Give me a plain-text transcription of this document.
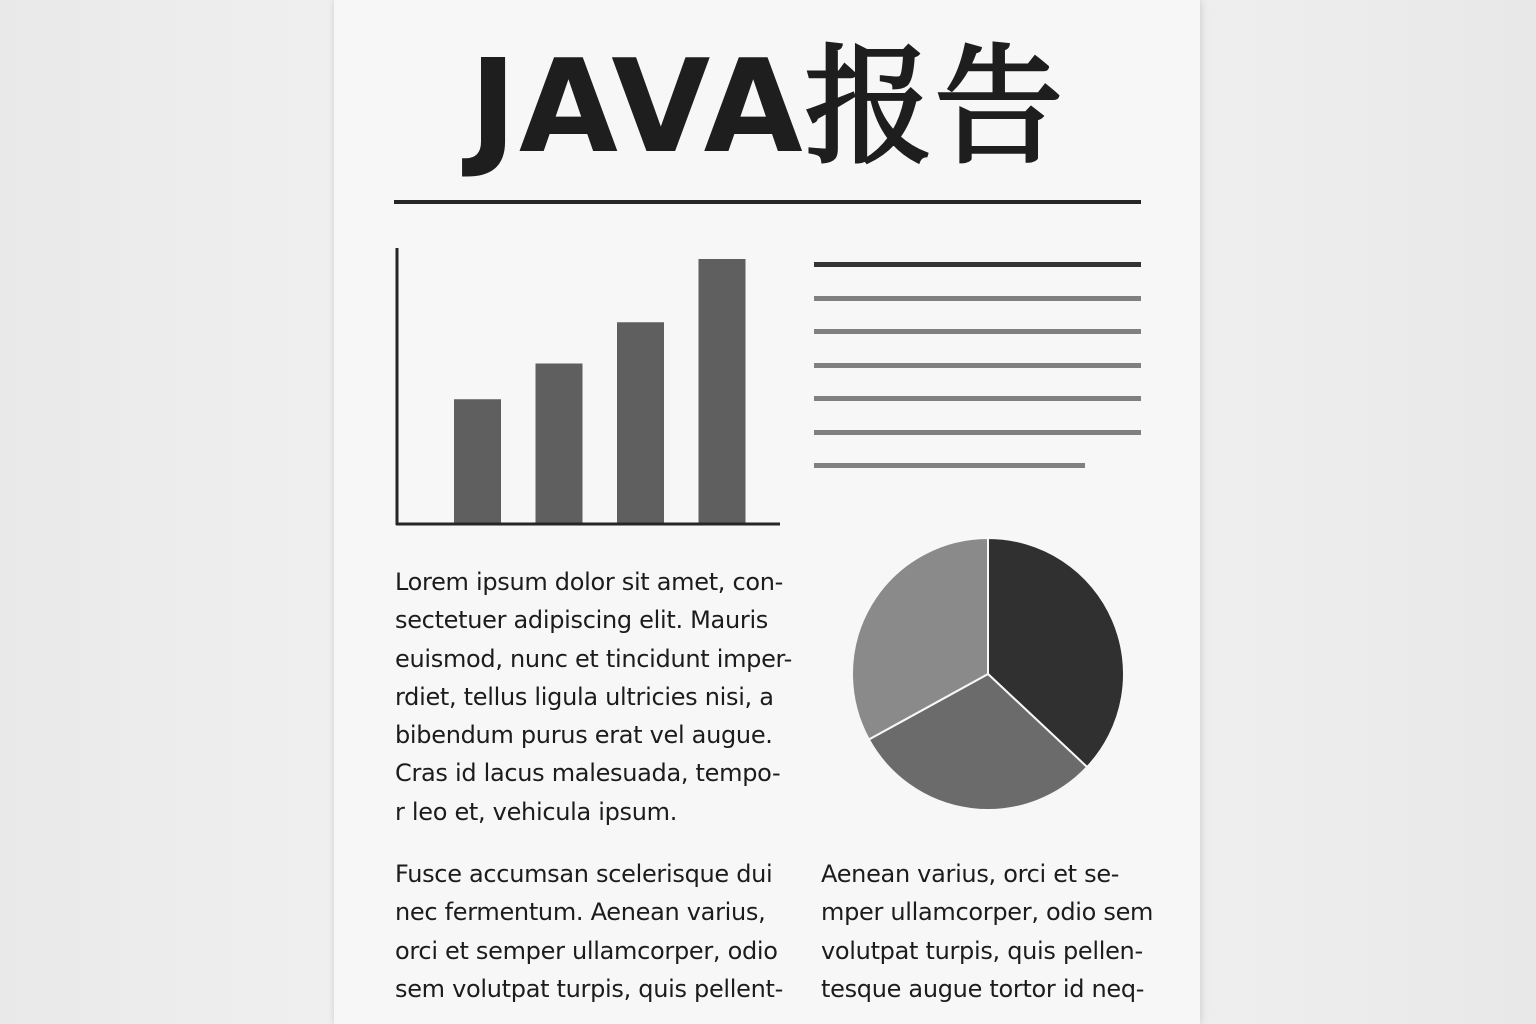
JAVA报告

Lorem ipsum dolor sit amet, con-
sectetuer adipiscing elit. Mauris
euismod, nunc et tincidunt imper-
rdiet, tellus ligula ultricies nisi, a
bibendum purus erat vel augue.
Cras id lacus malesuada, tempo-
r leo et, vehicula ipsum.

Fusce accumsan scelerisque dui
nec fermentum. Aenean varius,
orci et semper ullamcorper, odio
sem volutpat turpis, quis pellent-

Aenean varius, orci et se-
mper ullamcorper, odio sem
volutpat turpis, quis pellen-
tesque augue tortor id neq-
